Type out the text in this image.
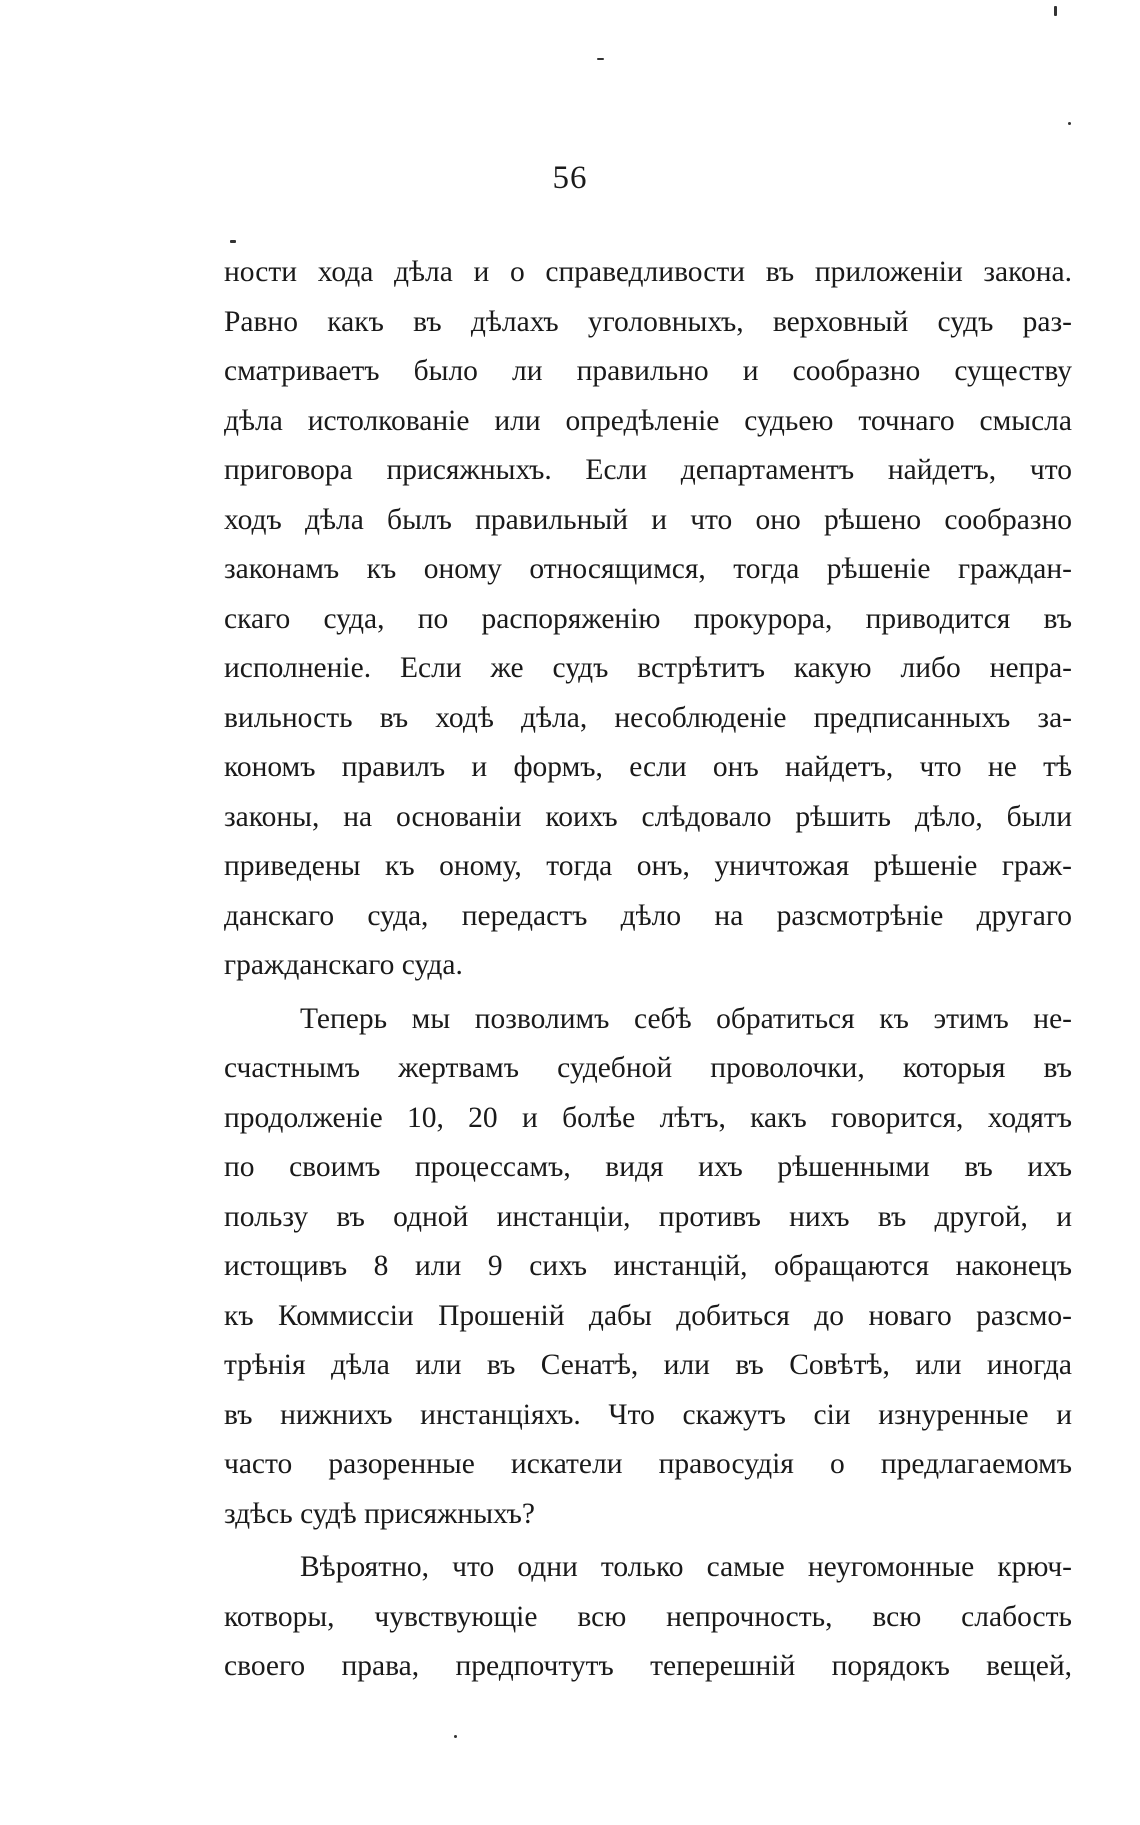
56
ности хода дѣла и о справедливости въ приложеніи закона.
Равно какъ въ дѣлахъ уголовныхъ, верховный судъ раз-
сматриваетъ было ли правильно и сообразно существу
дѣла истолкованіе или опредѣленіе судьею точнаго смысла
приговора присяжныхъ. Если департаментъ найдетъ, что
ходъ дѣла былъ правильный и что оно рѣшено сообразно
законамъ къ оному относящимся, тогда рѣшеніе граждан-
скаго суда, по распоряженію прокурора, приводится въ
исполненіе. Если же судъ встрѣтитъ какую либо непра-
вильность въ ходѣ дѣла, несоблюденіе предписанныхъ за-
кономъ правилъ и формъ, если онъ найдетъ, что не тѣ
законы, на основаніи коихъ слѣдовало рѣшить дѣло, были
приведены къ оному, тогда онъ, уничтожая рѣшеніе граж-
данскаго суда, передастъ дѣло на разсмотрѣніе другаго
гражданскаго суда.
Теперь мы позволимъ себѣ обратиться къ этимъ не-
счастнымъ жертвамъ судебной проволочки, которыя въ
продолженіе 10, 20 и болѣе лѣтъ, какъ говорится, ходятъ
по своимъ процессамъ, видя ихъ рѣшенными въ ихъ
пользу въ одной инстанціи, противъ нихъ въ другой, и
истощивъ 8 или 9 сихъ инстанцій, обращаются наконецъ
къ Коммиссіи Прошеній дабы добиться до новаго разсмо-
трѣнія дѣла или въ Сенатѣ, или въ Совѣтѣ, или иногда
въ нижнихъ инстанціяхъ. Что скажутъ сіи изнуренные и
часто разоренные искатели правосудія о предлагаемомъ
здѣсь судѣ присяжныхъ?
Вѣроятно, что одни только самые неугомонные крюч-
котворы, чувствующіе всю непрочность, всю слабость
своего права, предпочтутъ теперешній порядокъ вещей,
